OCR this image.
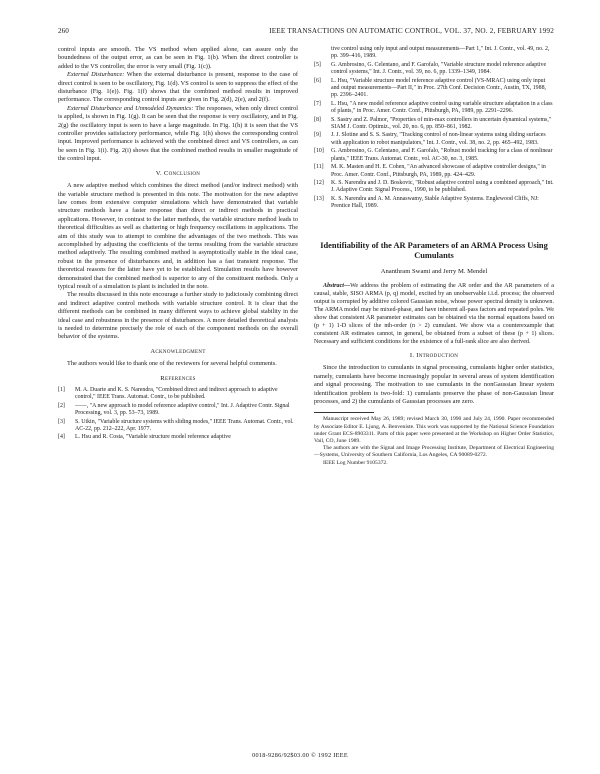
260	IEEE TRANSACTIONS ON AUTOMATIC CONTROL, VOL. 37, NO. 2, FEBRUARY 1992

control inputs are smooth. The VS method when applied alone, can assure only the boundedness of the output error, as can be seen in Fig. 1(b). When the direct controller is added to the VS controller, the error is very small (Fig. 1(c)).

External Disturbance: When the external disturbance is present, response to the case of direct control is seen to be oscillatory, Fig. 1(d). VS control is seen to suppress the effect of the disturbance (Fig. 1(e)). Fig. 1(f) shows that the combined method results in improved performance. The corresponding control inputs are given in Fig. 2(d), 2(e), and 2(f).

External Disturbance and Unmodeled Dynamics: The responses, when only direct control is applied, is shown in Fig. 1(g). It can be seen that the response is very oscillatory, and in Fig. 2(g) the oscillatory input is seen to have a large magnitude. In Fig. 1(h) it is seen that the VS controller provides satisfactory performance, while Fig. 1(h) shows the corresponding control input. Improved performance is achieved with the combined direct and VS controllers, as can be seen in Fig. 1(i). Fig. 2(i) shows that the combined method results in smaller magnitude of the control input.

V. Conclusion

A new adaptive method which combines the direct method (and/or indirect method) with the variable structure method is presented in this note. The motivation for the new adaptive law comes from extensive computer simulations which have demonstrated that variable structure methods have a faster response than direct or indirect methods in practical applications. However, in contrast to the latter methods, the variable structure method leads to theoretical difficulties as well as chattering or high frequency oscillations in applications. The aim of this study was to attempt to combine the advantages of the two methods. This was accomplished by adjusting the coefficients of the terms resulting from the variable structure method adaptively. The resulting combined method is asymptotically stable in the ideal case, robust in the presence of disturbances and, in addition has a fast transient response. The theoretical reasons for the latter have yet to be established. Simulation results have however demonstrated that the combined method is superior to any of the constituent methods. Only a typical result of a simulation is plant is included in the note.

The results discussed in this note encourage a further study to judiciously combining direct and indirect adaptive control methods with variable structure control. It is clear that the different methods can be combined in many different ways to achieve global stability in the ideal case and robustness in the presence of disturbances. A more detailed theoretical analysis is needed to determine precisely the role of each of the component methods on the overall behavior of the systems.

Acknowledgment

The authors would like to thank one of the reviewers for several helpful comments.

References
[1] M. A. Duarte and K. S. Narendra, "Combined direct and indirect approach to adaptive control," IEEE Trans. Automat. Contr., to be published.
[2] ——, "A new approach to model reference adaptive control," Int. J. Adaptive Contr. Signal Processing, vol. 3, pp. 53–73, 1989.
[3] S. Utkin, "Variable structure systems with sliding modes," IEEE Trans. Automat. Contr., vol. AC-22, pp. 212–222, Apr. 1977.
[4] L. Hsu and R. Costa, "Variable structure model reference adaptive
tive control using only input and output measurements—Part 1," Int. J. Contr., vol. 49, no. 2, pp. 399–416, 1989.
[5] G. Ambrosino, G. Celentano, and F. Garofalo, "Variable structure model reference adaptive control systems," Int. J. Contr., vol. 39, no. 6, pp. 1339–1349, 1984.
[6] L. Hsu, "Variable structure model reference adaptive control (VS-MRAC) using only input and output measurements—Part II," in Proc. 27th Conf. Decision Contr., Austin, TX, 1988, pp. 2396–2401.
[7] L. Hsu, "A new model reference adaptive control using variable structure adaptation in a class of plants," in Proc. Amer. Contr. Conf., Pittsburgh, PA, 1989, pp. 2291–2296.
[8] S. Sastry and Z. Palmor, "Properties of min-max controllers in uncertain dynamical systems," SIAM J. Contr. Optimiz., vol. 20, no. 6, pp. 850–861, 1982.
[9] J. J. Slotine and S. S. Sastry, "Tracking control of non-linear systems using sliding surfaces with application to robot manipulators," Int. J. Contr., vol. 38, no. 2, pp. 465–492, 1983.
[10] G. Ambrosino, G. Celentano, and F. Garofalo, "Robust model tracking for a class of nonlinear plants," IEEE Trans. Automat. Contr., vol. AC-30, no. 3, 1985.
[11] M. K. Masten and H. E. Cohen, "An advanced showcase of adaptive controller designs," in Proc. Amer. Contr. Conf., Pittsburgh, PA, 1989, pp. 424–429.
[12] K. S. Narendra and J. D. Boskovic, "Robust adaptive control using a combined approach," Int. J. Adaptive Contr. Signal Process., 1990, to be published.
[13] K. S. Narendra and A. M. Annaswamy, Stable Adaptive Systems. Englewood Cliffs, NJ: Prentice Hall, 1989.
Identifiability of the AR Parameters of an ARMA Process Using Cumulants
Ananthram Swami and Jerry M. Mendel

Abstract—We address the problem of estimating the AR order and the AR parameters of a causal, stable, SISO ARMA (p, q) model, excited by an unobservable i.i.d. process; the observed output is corrupted by additive colored Gaussian noise, whose power spectral density is unknown. The ARMA model may be mixed-phase, and have inherent all-pass factors and repeated poles. We show that consistent AR parameter estimates can be obtained via the normal equations based on (p + 1) 1-D slices of the nth-order (n > 2) cumulant. We show via a counterexample that consistent AR estimates cannot, in general, be obtained from a subset of these (p + 1) slices. Necessary and sufficient conditions for the existence of a full-rank slice are also derived.

I. Introduction

Since the introduction to cumulants in signal processing, cumulants higher order statistics, namely, cumulants have become increasingly popular in several areas of system identification and signal processing. The motivation to use cumulants in the nonGaussian linear system identification problem is two-fold: 1) cumulants preserve the phase of non-Gaussian linear processes, and 2) the cumulants of Gaussian processes are zero.

Manuscript received May 26, 1989; revised March 30, 1990 and July 24, 1990. Paper recommended by Associate Editor E. Ljung, A. Benveniste. This work was supported by the National Science Foundation under Grant ECS-8903311. Parts of this paper were presented at the Workshop on Higher Order Statistics, Vail, CO, June 1989.

The authors are with the Signal and Image Processing Institute, Department of Electrical Engineering—Systems, University of Southern California, Los Angeles, CA 90089-0272.

IEEE Log Number 9105372.

0018-9286/92$03.00 © 1992 IEEE
